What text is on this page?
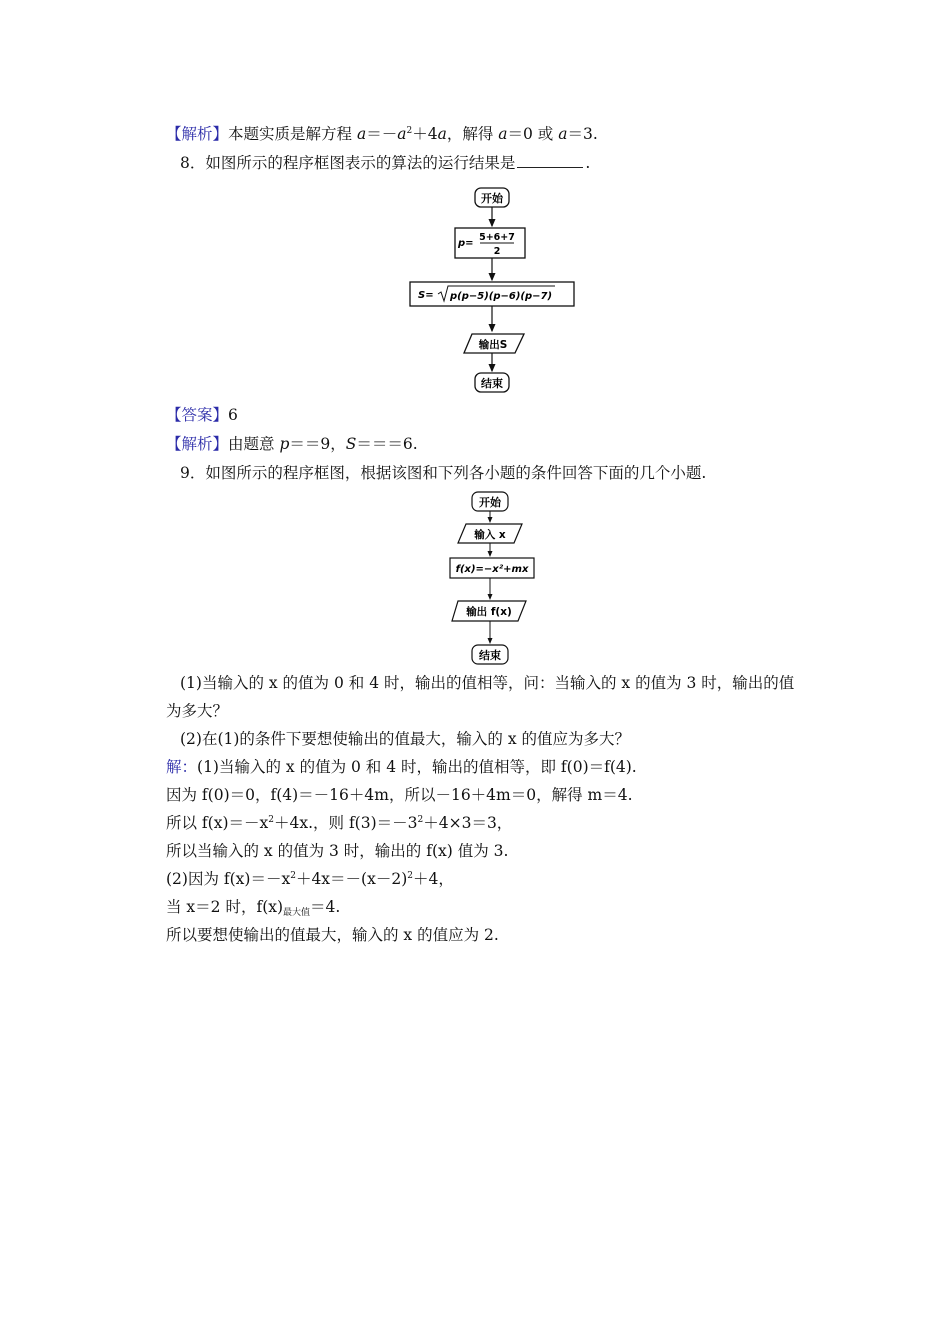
【解析】本题实质是解方程 $a=-a^2+4a$，解得 a＝0 或 a＝3.
8．如图所示的程序框图表示的算法的运行结果是	.
开始
p=
5+6+7
2
S= p(p−5)(p−6)(p−7)
输出S
结束
【答案】6
【解析】由题意 p＝＝9，S＝＝＝6.
9．如图所示的程序框图，根据该图和下列各小题的条件回答下面的几个小题.
开始
输入 x
f(x)=−x²+mx
输出 f(x)
结束
(1)当输入的 x 的值为 0 和 4 时，输出的值相等，问：当输入的 x 的值为 3 时，输出的值
为多大？
(2)在(1)的条件下要想使输出的值最大，输入的 x 的值应为多大？
解：(1)当输入的 x 的值为 0 和 4 时，输出的值相等，即 f(0)＝f(4).
因为 f(0)＝0，f(4)＝－16＋4m，所以－16＋4m＝0，解得 m＝4.
所以 $f(x)=-x^2+4x$.，则 $f(3)=-3^2+4\times 3=3$，
所以当输入的 x 的值为 3 时，输出的 f(x) 值为 3.
(2)因为 $f(x)=-x^2+4x=-(x-2)^2+4$，
当 x＝2 时，$f(x)_{最大值}=4$.
所以要想使输出的值最大，输入的 x 的值应为 2.
